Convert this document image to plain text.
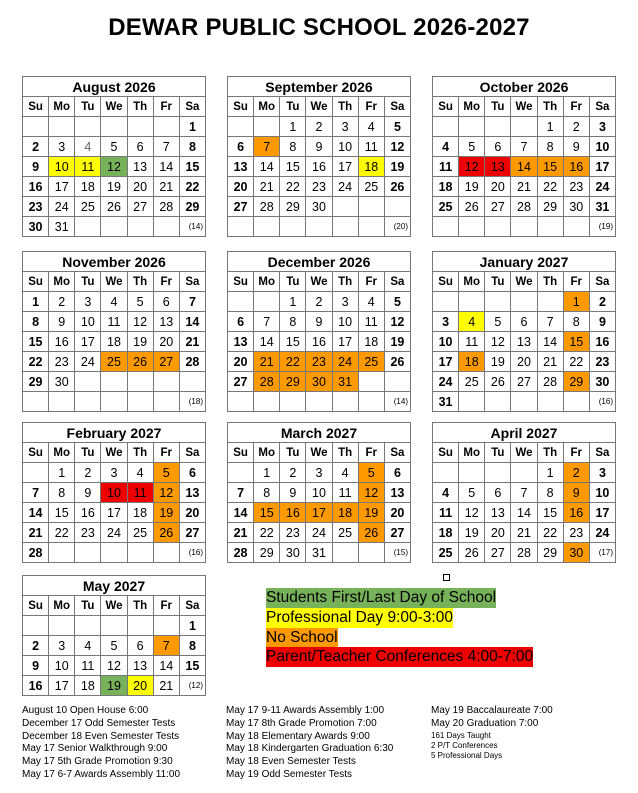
DEWAR PUBLIC SCHOOL 2026-2027
August 2026						
Su	Mo	Tu	We	Th	Fr	Sa
						1
2	3	4	5	6	7	8
9	10	11	12	13	14	15
16	17	18	19	20	21	22
23	24	25	26	27	28	29
30	31					(14)
September 2026						
Su	Mo	Tu	We	Th	Fr	Sa
		1	2	3	4	5
6	7	8	9	10	11	12
13	14	15	16	17	18	19
20	21	22	23	24	25	26
27	28	29	30			
						(20)
October 2026						
Su	Mo	Tu	We	Th	Fr	Sa
				1	2	3
4	5	6	7	8	9	10
11	12	13	14	15	16	17
18	19	20	21	22	23	24
25	26	27	28	29	30	31
						(19)
November 2026						
Su	Mo	Tu	We	Th	Fr	Sa
1	2	3	4	5	6	7
8	9	10	11	12	13	14
15	16	17	18	19	20	21
22	23	24	25	26	27	28
29	30					
						(18)
December 2026						
Su	Mo	Tu	We	Th	Fr	Sa
		1	2	3	4	5
6	7	8	9	10	11	12
13	14	15	16	17	18	19
20	21	22	23	24	25	26
27	28	29	30	31		
						(14)
January 2027						
Su	Mo	Tu	We	Th	Fr	Sa
					1	2
3	4	5	6	7	8	9
10	11	12	13	14	15	16
17	18	19	20	21	22	23
24	25	26	27	28	29	30
31						(16)
February 2027						
Su	Mo	Tu	We	Th	Fr	Sa
	1	2	3	4	5	6
7	8	9	10	11	12	13
14	15	16	17	18	19	20
21	22	23	24	25	26	27
28						(16)
March 2027						
Su	Mo	Tu	We	Th	Fr	Sa
	1	2	3	4	5	6
7	8	9	10	11	12	13
14	15	16	17	18	19	20
21	22	23	24	25	26	27
28	29	30	31			(15)
April 2027						
Su	Mo	Tu	We	Th	Fr	Sa
				1	2	3
4	5	6	7	8	9	10
11	12	13	14	15	16	17
18	19	20	21	22	23	24
25	26	27	28	29	30	(17)
May 2027						
Su	Mo	Tu	We	Th	Fr	Sa
						1
2	3	4	5	6	7	8
9	10	11	12	13	14	15
16	17	18	19	20	21	(12)
Students First/Last Day of School
Professional Day 9:00-3:00
No School
Parent/Teacher Conferences 4:00-7:00
August 10 Open House 6:00
December 17 Odd Semester Tests
December 18 Even Semester Tests
May 17 Senior Walkthrough 9:00
May 17 5th Grade Promotion 9:30
May 17 6-7 Awards Assembly 11:00
May 17 9-11 Awards Assembly 1:00
May 17 8th Grade Promotion 7:00
May 18 Elementary Awards 9:00
May 18 Kindergarten Graduation 6:30
May 18 Even Semester Tests
May 19 Odd Semester Tests
May 19 Baccalaureate 7:00
May 20 Graduation 7:00
161 Days Taught
2 P/T Conferences
5 Professional Days
